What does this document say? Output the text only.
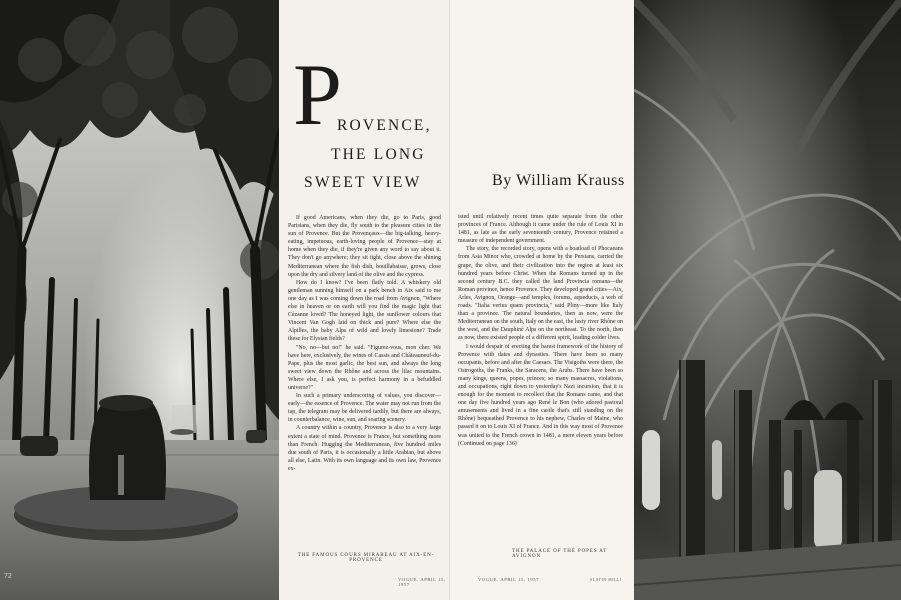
72
P
ROVENCE,
THE LONG
SWEET VIEW

If good Americans, when they die, go to Paris, good Parisians, when they die, fly south to the pleasure cities in the sun of Provence. But the Provençaux—the big-talking, heavy-eating, impetuous, earth-loving people of Provence—stay at home when they die, if they're given any word to say about it. They don't go anywhere; they sit tight, close above the shining Mediterranean where the fish dish, bouillabaisse, grows, close upon the dry and silvery land of the olive and the cypress.

How do I know? I've been flatly told. A whiskery old gentleman sunning himself on a park bench in Aix said to me one day as I was coming down the road from Avignon, "Where else in heaven or on earth will you find the magic light that Cézanne loved? The honeyed light, the sunflower colours that Vincent Van Gogh laid on thick and pure? Where else the Alpilles, the baby Alps of wild and lovely limestone? Trade these for Elysian fields?

"No, no—but no!" he said. "Figurez-vous, mon cher. We have here, exclusively, the wines of Cassis and Châteauneuf-du-Pape, plus the most garlic, the best sun, and always the long sweet view down the Rhône and across the lilac mountains. Where else, I ask you, is perfect harmony in a befuddled universe?"

In such a primary underscoring of values, you discover—early—the essence of Provence. The water may not run from the tap, the telegram may be delivered tardily, but there are always, in counterbalance, wine, sun, and soaring scenery.

A country within a country, Provence is also to a very large extent a state of mind. Provence is France, but something more than French. Hugging the Mediterranean, five hundred miles due south of Paris, it is occasionally a little Arabian, but above all else, Latin. With its own language and its own law, Provence ex-

THE FAMOUS COURS MIRABEAU AT AIX-EN-PROVENCE
VOGUE, APRIL 15, 1957
By William Krauss

isted until relatively recent times quite separate from the other provinces of France. Although it came under the rule of Louis XI in 1481, as late as the early seventeenth century, Provence retained a measure of independent government.

The story, the recorded story, opens with a boatload of Phocaeans from Asia Minor who, crowded at home by the Persians, carried the grape, the olive, and their civilization into the region at least six hundred years before Christ. When the Romans turned up in the second century B.C. they called the land Provincia romana—the Roman province, hence Provence. They developed grand cities—Aix, Arles, Avignon, Orange—and temples, forums, aqueducts, a web of roads. "Italia verius quam provincia," said Pliny—more like Italy than a province. The natural boundaries, then as now, were the Mediterranean on the south, Italy on the east, the lusty river Rhône on the west, and the Dauphiné Alps on the northeast. To the north, then as now, there existed people of a different spirit, leading colder lives.

I would despair of erecting the barest framework of the history of Provence with dates and dynasties. There have been so many occupants, before and after the Caesars. The Visigoths were there, the Ostrogoths, the Franks, the Saracens, the Arabs. There have been so many kings, queens, popes, princes; so many massacres, violations, and occupations, right down to yesterday's Nazi incursion, that it is enough for the moment to recollect that the Romans came, and that one day five hundred years ago René le Bon (who adored pastoral amusements and lived in a fine castle that's still standing on the Rhône) bequeathed Provence to his nephew, Charles of Maine, who passed it on to Louis XI of France. And in this way most of Provence was united to the French crown in 1481, a mere eleven years before (Continued on page 136)

THE PALACE OF THE POPES AT AVIGNON
VOGUE, APRIL 15, 1957	SLATIN MILLI
